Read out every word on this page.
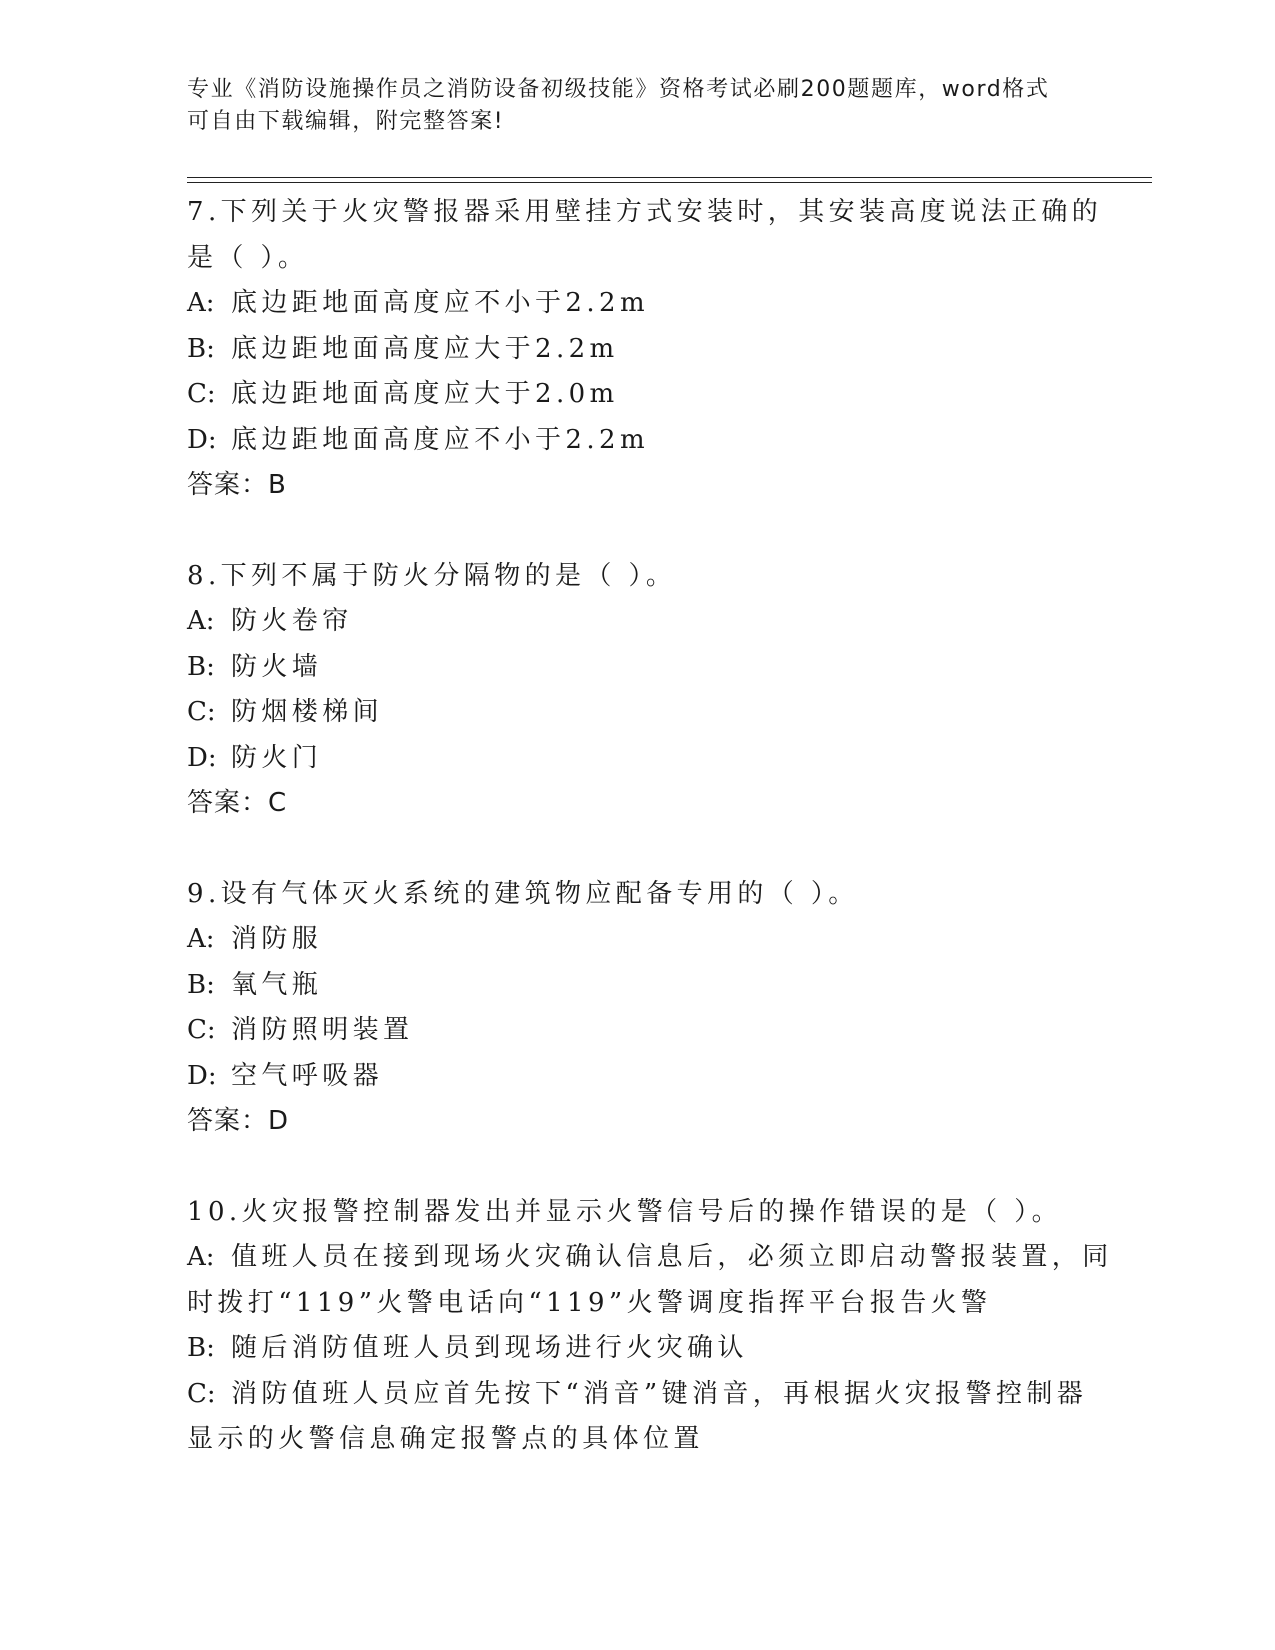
专业《消防设施操作员之消防设备初级技能》资格考试必刷200题题库，word格式可自由下载编辑，附完整答案!
7.下列关于火灾警报器采用壁挂方式安装时，其安装高度说法正确的
是（ ）。
A: 底边距地面高度应不小于2.2m
B: 底边距地面高度应大于2.2m
C: 底边距地面高度应大于2.0m
D: 底边距地面高度应不小于2.2m
答案：B
8.下列不属于防火分隔物的是（ ）。
A: 防火卷帘
B: 防火墙
C: 防烟楼梯间
D: 防火门
答案：C
9.设有气体灭火系统的建筑物应配备专用的（ ）。
A: 消防服
B: 氧气瓶
C: 消防照明装置
D: 空气呼吸器
答案：D
10.火灾报警控制器发出并显示火警信号后的操作错误的是（ ）。
A: 值班人员在接到现场火灾确认信息后，必须立即启动警报装置，同
时拨打“119”火警电话向“119”火警调度指挥平台报告火警
B: 随后消防值班人员到现场进行火灾确认
C: 消防值班人员应首先按下“消音”键消音，再根据火灾报警控制器
显示的火警信息确定报警点的具体位置
